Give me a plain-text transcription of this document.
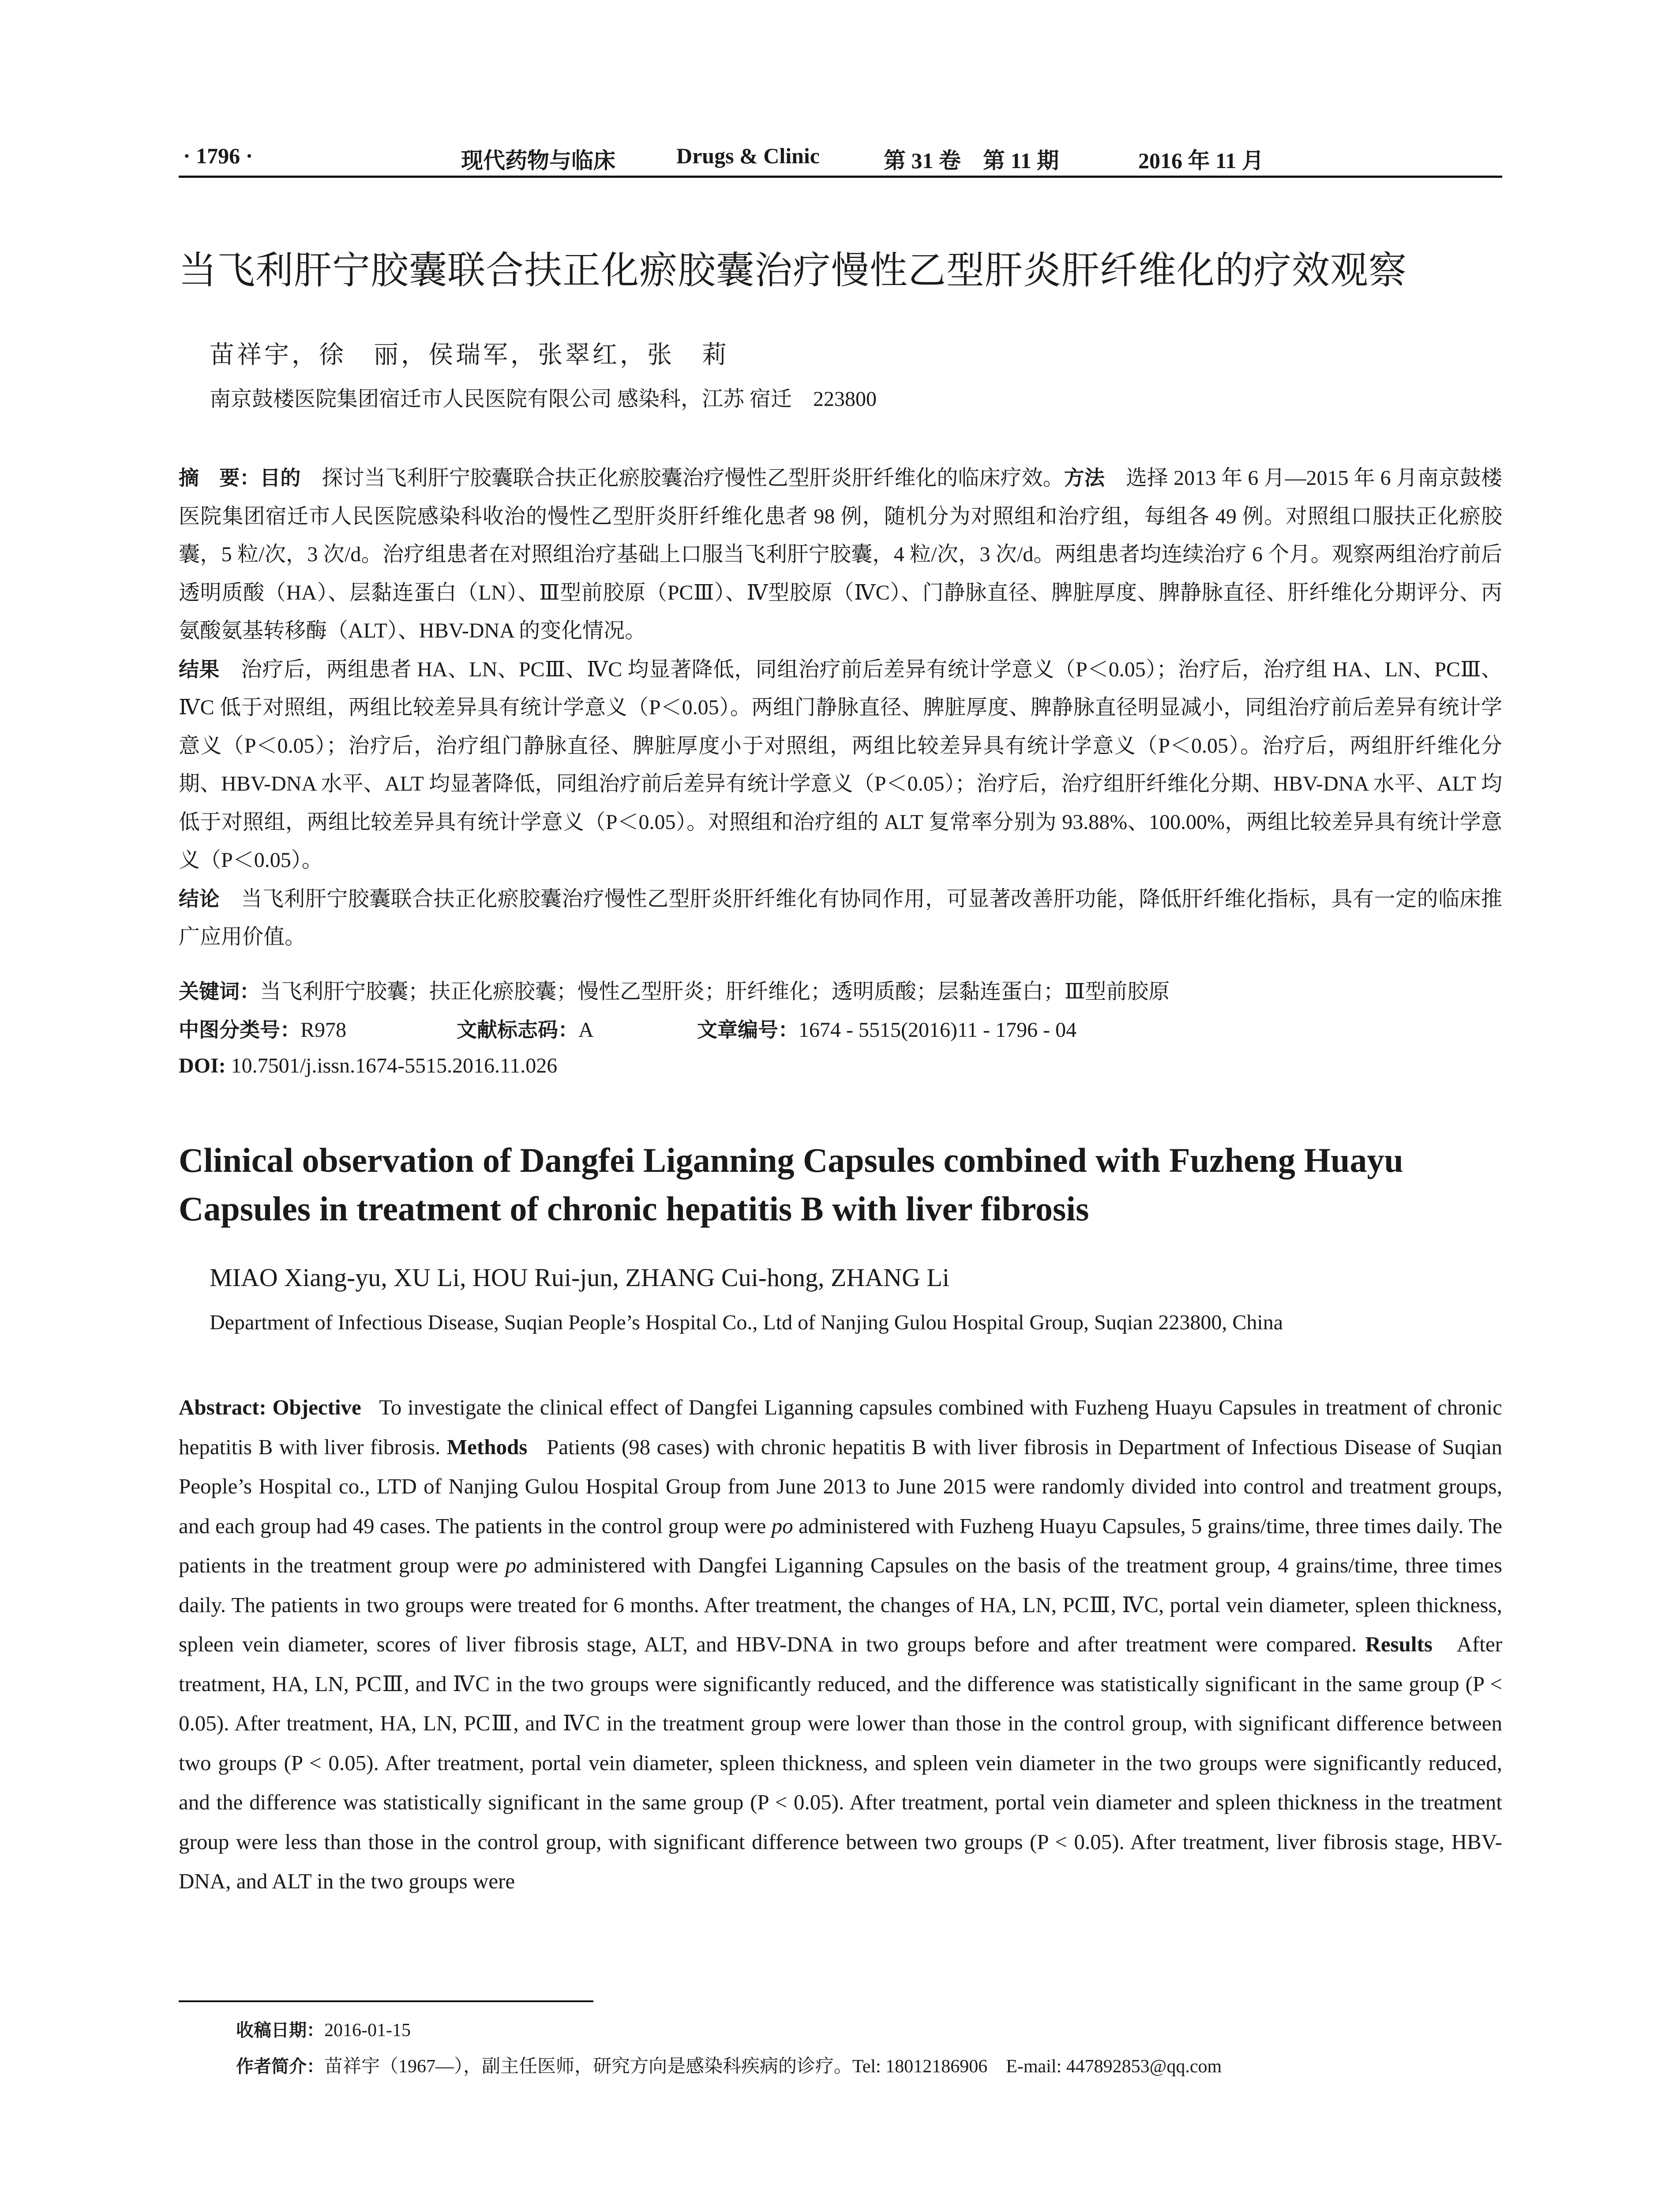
· 1796 ·	现代药物与临床	Drugs & Clinic	第 31 卷　第 11 期	2016 年 11 月
当飞利肝宁胶囊联合扶正化瘀胶囊治疗慢性乙型肝炎肝纤维化的疗效观察
苗祥宇，徐　丽，侯瑞军，张翠红，张　莉
南京鼓楼医院集团宿迁市人民医院有限公司 感染科，江苏 宿迁　223800

摘　要：目的　探讨当飞利肝宁胶囊联合扶正化瘀胶囊治疗慢性乙型肝炎肝纤维化的临床疗效。方法　选择 2013 年 6 月—2015 年 6 月南京鼓楼医院集团宿迁市人民医院感染科收治的慢性乙型肝炎肝纤维化患者 98 例，随机分为对照组和治疗组，每组各 49 例。对照组口服扶正化瘀胶囊，5 粒/次，3 次/d。治疗组患者在对照组治疗基础上口服当飞利肝宁胶囊，4 粒/次，3 次/d。两组患者均连续治疗 6 个月。观察两组治疗前后透明质酸（HA）、层黏连蛋白（LN）、Ⅲ型前胶原（PCⅢ）、Ⅳ型胶原（ⅣC）、门静脉直径、脾脏厚度、脾静脉直径、肝纤维化分期评分、丙氨酸氨基转移酶（ALT）、HBV-DNA 的变化情况。
结果　治疗后，两组患者 HA、LN、PCⅢ、ⅣC 均显著降低，同组治疗前后差异有统计学意义（P＜0.05）；治疗后，治疗组 HA、LN、PCⅢ、ⅣC 低于对照组，两组比较差异具有统计学意义（P＜0.05）。两组门静脉直径、脾脏厚度、脾静脉直径明显减小，同组治疗前后差异有统计学意义（P＜0.05）；治疗后，治疗组门静脉直径、脾脏厚度小于对照组，两组比较差异具有统计学意义（P＜0.05）。治疗后，两组肝纤维化分期、HBV-DNA 水平、ALT 均显著降低，同组治疗前后差异有统计学意义（P＜0.05）；治疗后，治疗组肝纤维化分期、HBV-DNA 水平、ALT 均低于对照组，两组比较差异具有统计学意义（P＜0.05）。对照组和治疗组的 ALT 复常率分别为 93.88%、100.00%，两组比较差异具有统计学意义（P＜0.05）。
结论　当飞利肝宁胶囊联合扶正化瘀胶囊治疗慢性乙型肝炎肝纤维化有协同作用，可显著改善肝功能，降低肝纤维化指标，具有一定的临床推广应用价值。

关键词：当飞利肝宁胶囊；扶正化瘀胶囊；慢性乙型肝炎；肝纤维化；透明质酸；层黏连蛋白；Ⅲ型前胶原
中图分类号：R978	文献标志码：A	文章编号：1674 - 5515(2016)11 - 1796 - 04
DOI: 10.7501/j.issn.1674-5515.2016.11.026
Clinical observation of Dangfei Liganning Capsules combined with Fuzheng Huayu Capsules in treatment of chronic hepatitis B with liver fibrosis
MIAO Xiang-yu, XU Li, HOU Rui-jun, ZHANG Cui-hong, ZHANG Li
Department of Infectious Disease, Suqian People’s Hospital Co., Ltd of Nanjing Gulou Hospital Group, Suqian 223800, China
Abstract: Objective To investigate the clinical effect of Dangfei Liganning capsules combined with Fuzheng Huayu Capsules in treatment of chronic hepatitis B with liver fibrosis. Methods Patients (98 cases) with chronic hepatitis B with liver fibrosis in Department of Infectious Disease of Suqian People’s Hospital co., LTD of Nanjing Gulou Hospital Group from June 2013 to June 2015 were randomly divided into control and treatment groups, and each group had 49 cases. The patients in the control group were po administered with Fuzheng Huayu Capsules, 5 grains/time, three times daily. The patients in the treatment group were po administered with Dangfei Liganning Capsules on the basis of the treatment group, 4 grains/time, three times daily. The patients in two groups were treated for 6 months. After treatment, the changes of HA, LN, PCⅢ, ⅣC, portal vein diameter, spleen thickness, spleen vein diameter, scores of liver fibrosis stage, ALT, and HBV-DNA in two groups before and after treatment were compared. Results After treatment, HA, LN, PCⅢ, and ⅣC in the two groups were significantly reduced, and the difference was statistically significant in the same group (P < 0.05). After treatment, HA, LN, PCⅢ, and ⅣC in the treatment group were lower than those in the control group, with significant difference between two groups (P < 0.05). After treatment, portal vein diameter, spleen thickness, and spleen vein diameter in the two groups were significantly reduced, and the difference was statistically significant in the same group (P < 0.05). After treatment, portal vein diameter and spleen thickness in the treatment group were less than those in the control group, with significant difference between two groups (P < 0.05). After treatment, liver fibrosis stage, HBV-DNA, and ALT in the two groups were
收稿日期：2016-01-15
作者简介：苗祥宇（1967—），副主任医师，研究方向是感染科疾病的诊疗。Tel: 18012186906　E-mail: 447892853@qq.com
